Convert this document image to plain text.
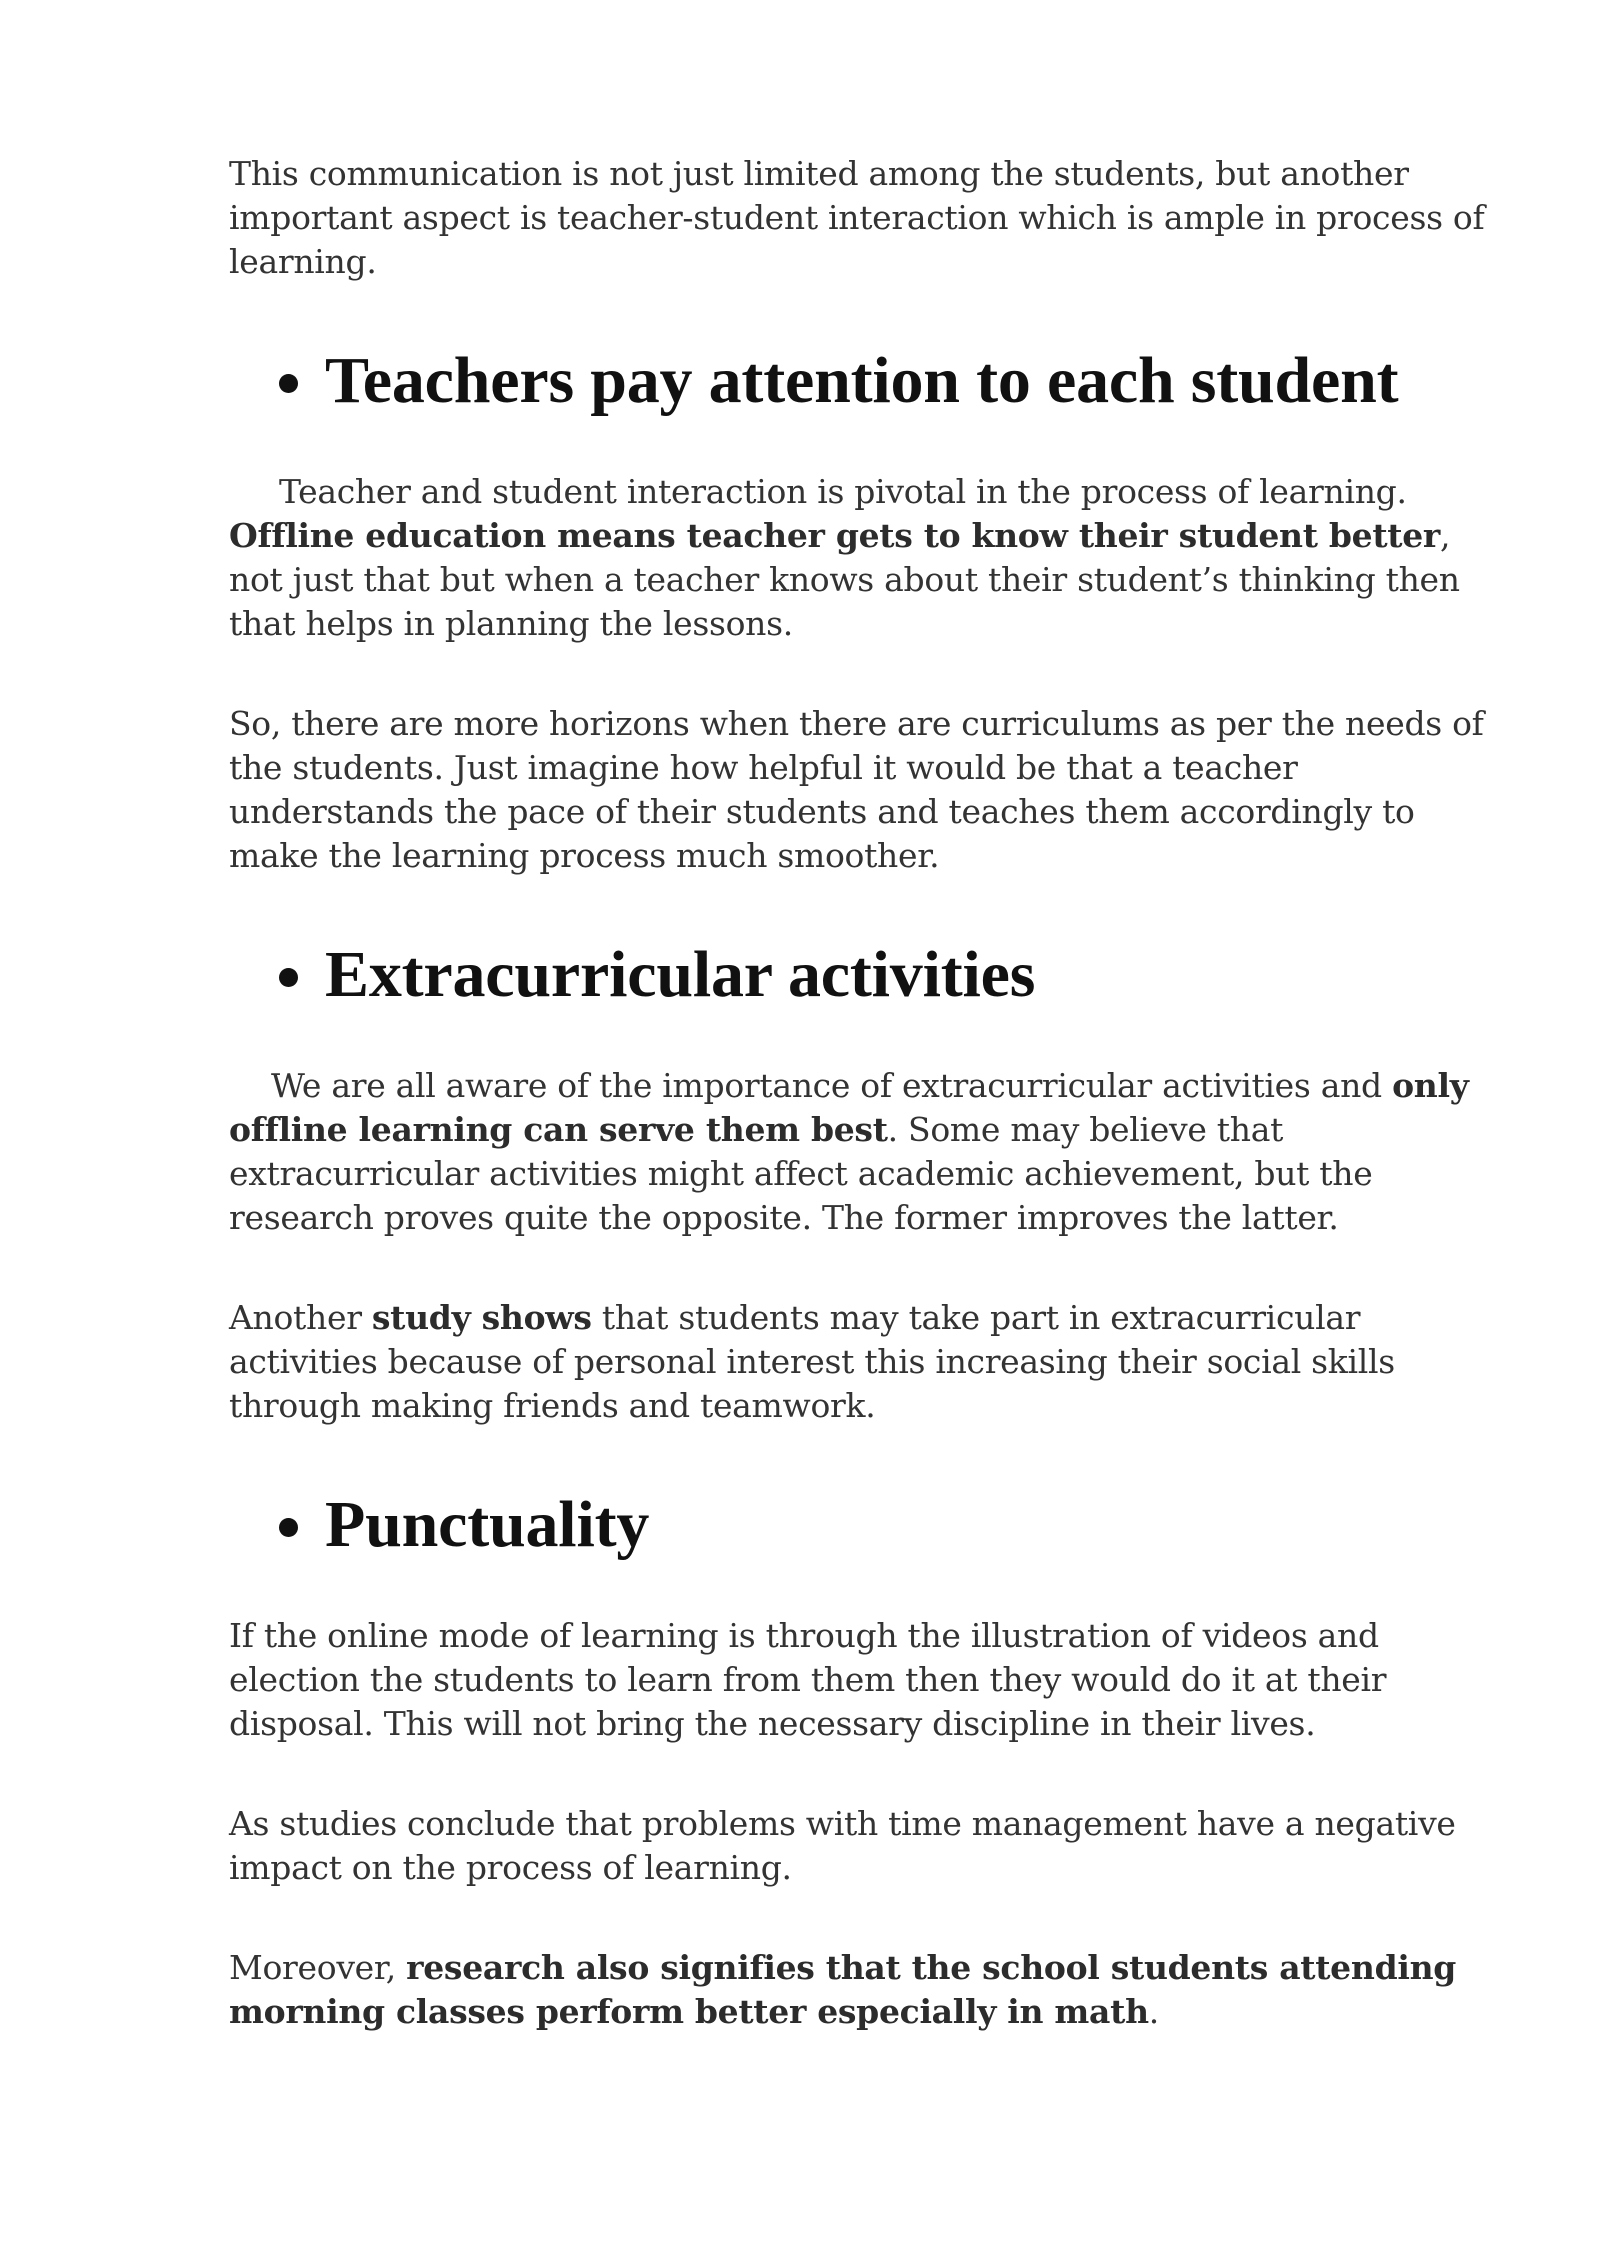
This communication is not just limited among the students, but another important aspect is teacher-student interaction which is ample in process of learning.

Teachers pay attention to each student

Teacher and student interaction is pivotal in the process of learning. Offline education means teacher gets to know their student better, not just that but when a teacher knows about their student’s thinking then that helps in planning the lessons.

So, there are more horizons when there are curriculums as per the needs of the students. Just imagine how helpful it would be that a teacher understands the pace of their students and teaches them accordingly to make the learning process much smoother.

Extracurricular activities

We are all aware of the importance of extracurricular activities and only offline learning can serve them best. Some may believe that extracurricular activities might affect academic achievement, but the research proves quite the opposite. The former improves the latter.

Another study shows that students may take part in extracurricular activities because of personal interest this increasing their social skills through making friends and teamwork.

Punctuality

If the online mode of learning is through the illustration of videos and election the students to learn from them then they would do it at their disposal. This will not bring the necessary discipline in their lives.

As studies conclude that problems with time management have a negative impact on the process of learning.

Moreover, research also signifies that the school students attending morning classes perform better especially in math.
